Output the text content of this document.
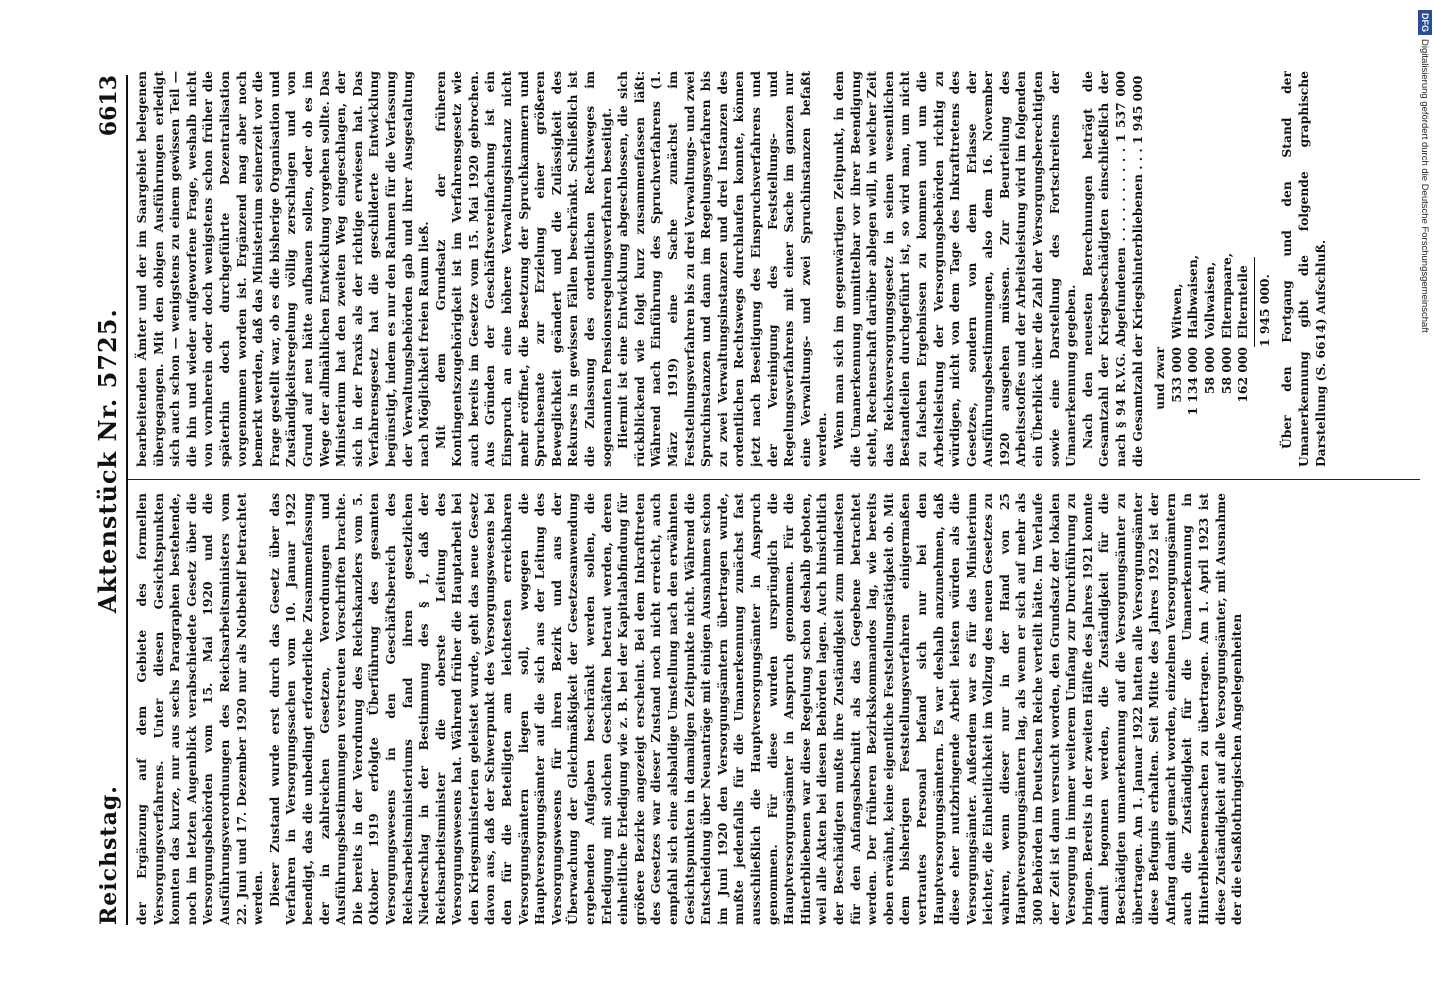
Reichstag.
Aktenstück Nr. 5725.
6613

der Ergänzung auf dem Gebiete des formellen Versorgungsverfahrens. Unter diesen Gesichtspunkten konnten das kurze, nur aus sechs Paragraphen bestehende, noch im letzten Augenblick verabschiedete Gesetz über die Versorgungsbehörden vom 15. Mai 1920 und die Ausführungsverordnungen des Reichsarbeitsministers vom 22. Juni und 17. Dezember 1920 nur als Notbehelf betrachtet werden. Dieser Zustand wurde erst durch das Gesetz über das Verfahren in Versorgungssachen vom 10. Januar 1922 beendigt, das die unbedingt erforderliche Zusammenfassung der in zahlreichen Gesetzen, Verordnungen und Ausführungsbestimmungen verstreuten Vorschriften brachte. Die bereits in der Verordnung des Reichskanzlers vom 5. Oktober 1919 erfolgte Überführung des gesamten Versorgungswesens in den Geschäftsbereich des Reichsarbeitsministeriums fand ihren gesetzlichen Niederschlag in der Bestimmung des § 1, daß der Reichsarbeitsminister die oberste Leitung des Versorgungswesens hat. Während früher die Hauptarbeit bei den Kriegsministerien geleistet wurde, geht das neue Gesetz davon aus, daß der Schwerpunkt des Versorgungswesens bei den für die Beteiligten am leichtesten erreichbaren Versorgungsämtern liegen soll, wogegen die Hauptversorgungsämter auf die sich aus der Leitung des Versorgungswesens für ihren Bezirk und aus der Überwachung der Gleichmäßigkeit der Gesetzesanwendung ergebenden Aufgaben beschränkt werden sollen, die Erledigung mit solchen Geschäften betraut werden, deren einheitliche Erledigung wie z. B. bei der Kapitalabfindung für größere Bezirke angezeigt erscheint. Bei dem Inkrafttreten des Gesetzes war dieser Zustand noch nicht erreicht, auch empfahl sich eine alsbaldige Umstellung nach den erwähnten Gesichtspunkten in damaligen Zeitpunkte nicht. Während die Entscheidung über Neuanträge mit einigen Ausnahmen schon im Juni 1920 den Versorgungsämtern übertragen wurde, mußte jedenfalls für die Umanerkennung zunächst fast ausschließlich die Hauptversorgungsämter in Anspruch genommen. Für diese wurden ursprünglich die Hauptversorgungsämter in Anspruch genommen. Für die Hinterbliebenen war diese Regelung schon deshalb geboten, weil alle Akten bei diesen Behörden lagen. Auch hinsichtlich der Beschädigten mußte ihre Zuständigkeit zum mindesten für den Anfangsabschnitt als das Gegebene betrachtet werden. Der früheren Bezirkskommandos lag, wie bereits oben erwähnt, keine eigentliche Feststellungstätigkeit ob. Mit dem bisherigen Feststellungsverfahren einigermaßen vertrautes Personal befand sich nur bei den Hauptversorgungsämtern. Es war deshalb anzunehmen, daß diese eher nutzbringende Arbeit leisten würden als die Versorgungsämter. Außerdem war es für das Ministerium leichter, die Einheitlichkeit im Vollzug des neuen Gesetzes zu wahren, wenn dieser nur in der Hand von 25 Hauptversorgungsämtern lag, als wenn er sich auf mehr als 300 Behörden im Deutschen Reiche verteilt hätte. Im Verlaufe der Zeit ist dann versucht worden, den Grundsatz der lokalen Versorgung in immer weiterem Umfang zur Durchführung zu bringen. Bereits in der zweiten Hälfte des Jahres 1921 konnte damit begonnen werden, die Zuständigkeit für die Beschädigten umanerkennung auf die Versorgungsämter zu übertragen. Am 1. Januar 1922 hatten alle Versorgungsämter diese Befugnis erhalten. Seit Mitte des Jahres 1922 ist der Anfang damit gemacht worden, einzelnen Versorgungsämtern auch die Zuständigkeit für die Umanerkennung in Hinterbliebenensachen zu übertragen. Am 1. April 1923 ist diese Zuständigkeit auf alle Versorgungsämter, mit Ausnahme der die elsaßlothringischen Angelegenheiten

bearbeitenden Ämter und der im Saargebiet belegenen übergegangen. Mit den obigen Ausführungen erledigt sich auch schon — wenigstens zu einem gewissen Teil — die hin und wieder aufgeworfene Frage, weshalb nicht von vornherein oder doch wenigstens schon früher die späterhin doch durchgeführte Dezentralisation vorgenommen worden ist. Ergänzend mag aber noch bemerkt werden, daß das Ministerium seinerzeit vor die Frage gestellt war, ob es die bisherige Organisation und Zuständigkeitsregelung völlig zerschlagen und von Grund auf neu hätte aufbauen sollen, oder ob es im Wege der allmählichen Entwicklung vorgehen sollte. Das Ministerium hat den zweiten Weg eingeschlagen, der sich in der Praxis als der richtige erwiesen hat. Das Verfahrensgesetz hat die geschilderte Entwicklung begünstigt, indem es nur den Rahmen für die Verfassung der Verwaltungsbehörden gab und ihrer Ausgestaltung nach Möglichkeit freien Raum ließ. Mit dem Grundsatz der früheren Kontingentszugehörigkeit ist im Verfahrensgesetz wie auch bereits im Gesetze vom 15. Mai 1920 gebrochen. Aus Gründen der Geschäftsvereinfachung ist ein Einspruch an eine höhere Verwaltungsinstanz nicht mehr eröffnet, die Besetzung der Spruchkammern und Spruchsenate zur Erzielung einer größeren Beweglichkeit geändert und die Zulässigkeit des Rekurses in gewissen Fällen beschränkt. Schließlich ist die Zulassung des ordentlichen Rechtsweges im sogenannten Pensionsregelungsverfahren beseitigt. Hiermit ist eine Entwicklung abgeschlossen, die sich rückblickend wie folgt kurz zusammenfassen läßt: Während nach Einführung des Spruchverfahrens (1. März 1919) eine Sache zunächst im Feststellungsverfahren bis zu drei Verwaltungs- und zwei Spruchinstanzen und dann im Regelungsverfahren bis zu zwei Verwaltungsinstanzen und drei Instanzen des ordentlichen Rechtswegs durchlaufen konnte, können jetzt nach Beseitigung des Einspruchsverfahrens und der Vereinigung des Feststellungs- und Regelungsverfahrens mit einer Sache im ganzen nur eine Verwaltungs- und zwei Spruchinstanzen befaßt werden. Wenn man sich im gegenwärtigen Zeitpunkt, in dem die Umanerkennung unmittelbar vor ihrer Beendigung steht, Rechenschaft darüber ablegen will, in welcher Zeit das Reichsversorgungsgesetz in seinen wesentlichen Bestandteilen durchgeführt ist, so wird man, um nicht zu falschen Ergebnissen zu kommen und um die Arbeitsleistung der Versorgungsbehörden richtig zu würdigen, nicht von dem Tage des Inkrafttretens des Gesetzes, sondern von dem Erlasse der Ausführungsbestimmungen, also dem 16. November 1920 ausgehen müssen. Zur Beurteilung des Arbeitsstoffes und der Arbeitsleistung wird im folgenden ein Überblick über die Zahl der Versorgungsberechtigten sowie eine Darstellung des Fortschreitens der Umanerkennung gegeben. Nach den neuesten Berechnungen beträgt die Gesamtzahl der Kriegsbeschädigten einschließlich der nach § 94 R.V.G. Abgefundenen . . . . . . . . . . 1 537 000 die Gesamtzahl der Kriegshinterbliebenen . . . 1 945 000 und zwar 533 000
Witwen,
1 134 000
Halbwaisen,
58 000
Vollwaisen,
58 000
Elternpaare,
162 000
Elternteile 1 945 000. Über den Fortgang und den Stand der Umanerkennung gibt die folgende graphische Darstellung (S. 6614) Aufschluß.

DFGDigitalisierung gefördert durch die Deutsche Forschungsgemeinschaft
